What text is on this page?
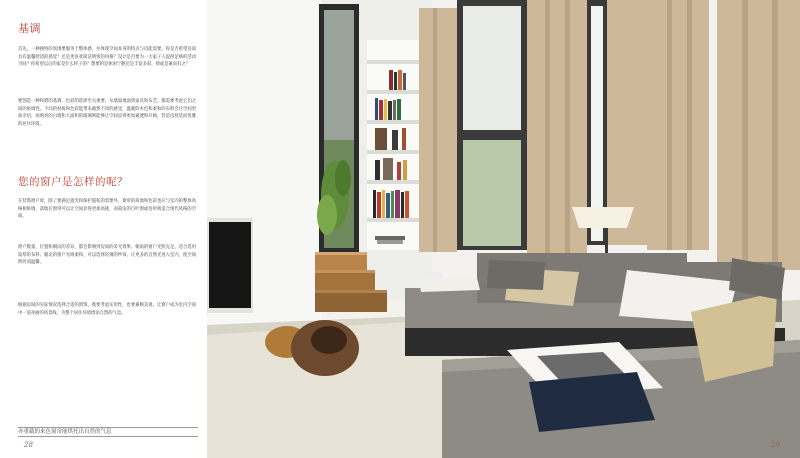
基调
首先，一种独特的氛围要服务于整体感，并体现空间本身的特点与功能需要。你是否希望房间具有温馨舒适的感觉？还是更喜欢简洁明快的风格？设计是否要为一大家子人提供足够的活动空间？你希望以后的家是什么样子的？想要的是休闲宁静还是丰富多彩，抑或是兼而有之？
要创造一种和谐的基调，色彩的选择至关重要。从墙面地面到家具和布艺，都需要考虑它们之间的协调性。不同的材质和色彩能带来截然不同的感受，温暖的木色和柔和的布料会让空间更加亲切，而明亮的白墙和大面积的玻璃则能够让空间显得更加通透和开阔，营造出舒适而优雅的居住环境。
您的窗户是怎样的呢？
在装饰窗户时，除了要满足遮光和保护隐私的需要外，窗帘的质地和色彩也应与室内的整体风格相协调。落地长窗帘可以让空间显得更加高挑，而简洁的百叶窗或卷帘则适合现代风格的空间。
窗户数量、位置和朝向的差异，都会影响到房间的采光效果。朝南的窗户光照充足，适合选用较厚的布料；朝北的窗户光线柔和，可以选择轻薄的纱帘，让更多的自然光进入室内，使空间明亮而温馨。
根据房间的实际情况选择合适的窗饰，既要考虑实用性，也要兼顾美观，让窗户成为室内空间中一道亮丽的风景线，为整个居住环境增添自然的气息。
亦重截的来色窗帘能烘托出自然的气息
28	29
